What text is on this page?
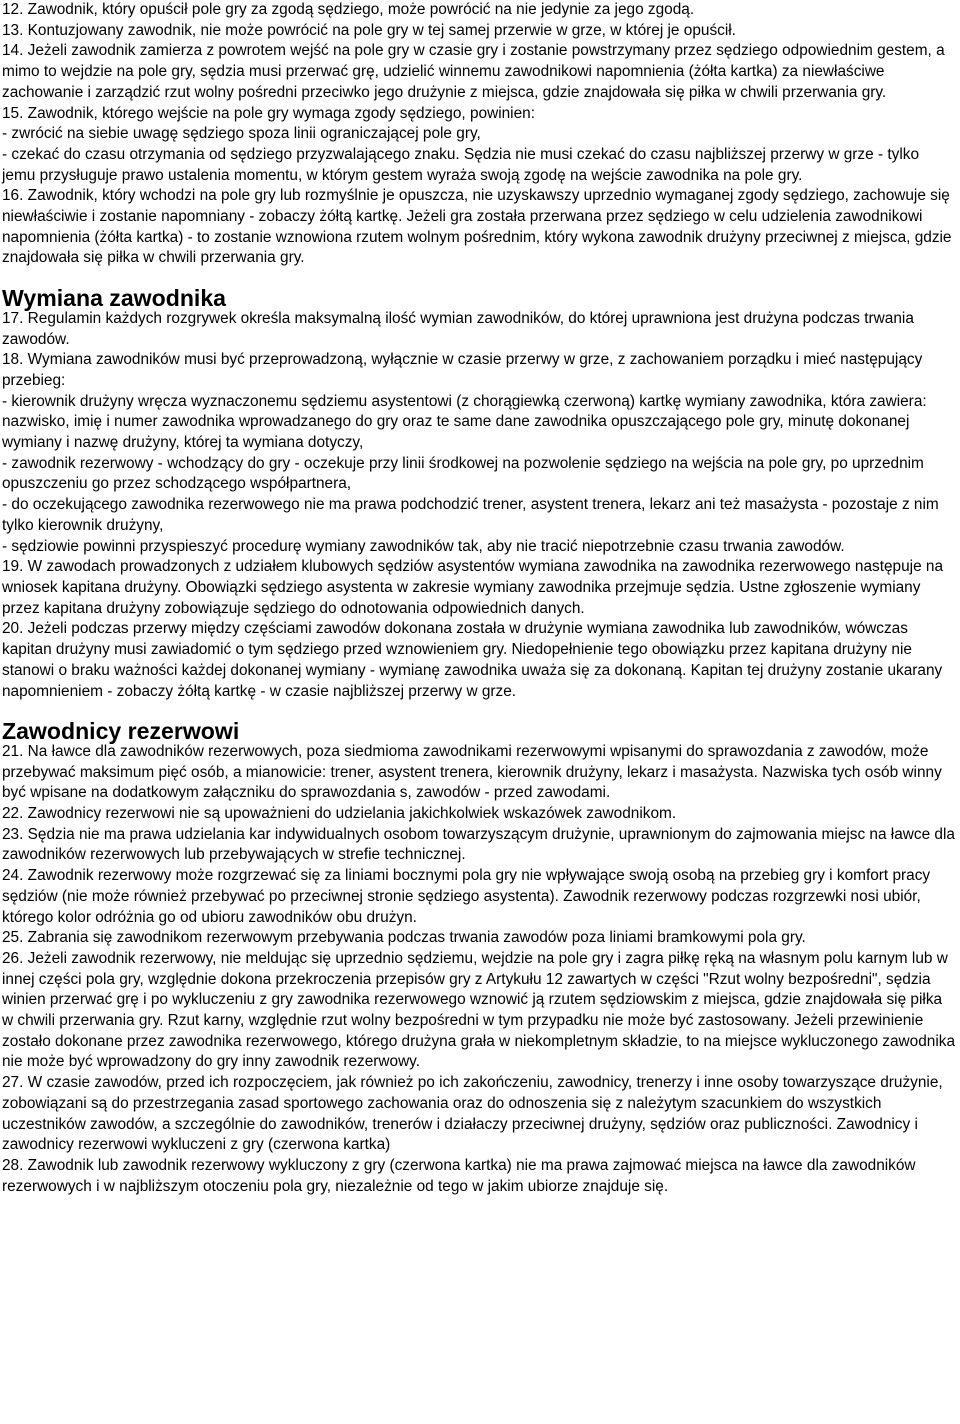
12. Zawodnik, który opuścił pole gry za zgodą sędziego, może powrócić na nie jedynie za jego zgodą.

13. Kontuzjowany zawodnik, nie może powrócić na pole gry w tej samej przerwie w grze, w której je opuścił.

14. Jeżeli zawodnik zamierza z powrotem wejść na pole gry w czasie gry i zostanie powstrzymany przez sędziego odpowiednim gestem, a mimo to wejdzie na pole gry, sędzia musi przerwać grę, udzielić winnemu zawodnikowi napomnienia (żółta kartka) za niewłaściwe zachowanie i zarządzić rzut wolny pośredni przeciwko jego drużynie z miejsca, gdzie znajdowała się piłka w chwili przerwania gry.

15. Zawodnik, którego wejście na pole gry wymaga zgody sędziego, powinien:

- zwrócić na siebie uwagę sędziego spoza linii ograniczającej pole gry,

- czekać do czasu otrzymania od sędziego przyzwalającego znaku. Sędzia nie musi czekać do czasu najbliższej przerwy w grze - tylko jemu przysługuje prawo ustalenia momentu, w którym gestem wyraża swoją zgodę na wejście zawodnika na pole gry.

16. Zawodnik, który wchodzi na pole gry lub rozmyślnie je opuszcza, nie uzyskawszy uprzednio wymaganej zgody sędziego, zachowuje się niewłaściwie i zostanie napomniany - zobaczy żółtą kartkę. Jeżeli gra została przerwana przez sędziego w celu udzielenia zawodnikowi napomnienia (żółta kartka) - to zostanie wznowiona rzutem wolnym pośrednim, który wykona zawodnik drużyny przeciwnej z miejsca, gdzie znajdowała się piłka w chwili przerwania gry.

Wymiana zawodnika

17. Regulamin każdych rozgrywek określa maksymalną ilość wymian zawodników, do której uprawniona jest drużyna podczas trwania zawodów.

18. Wymiana zawodników musi być przeprowadzoną, wyłącznie w czasie przerwy w grze, z zachowaniem porządku i mieć następujący przebieg:

- kierownik drużyny wręcza wyznaczonemu sędziemu asystentowi (z chorągiewką czerwoną) kartkę wymiany zawodnika, która zawiera: nazwisko, imię i numer zawodnika wprowadzanego do gry oraz te same dane zawodnika opuszczającego pole gry, minutę dokonanej wymiany i nazwę drużyny, której ta wymiana dotyczy,

- zawodnik rezerwowy - wchodzący do gry - oczekuje przy linii środkowej na pozwolenie sędziego na wejścia na pole gry, po uprzednim opuszczeniu go przez schodzącego współpartnera,

- do oczekującego zawodnika rezerwowego nie ma prawa podchodzić trener, asystent trenera, lekarz ani też masażysta - pozostaje z nim tylko kierownik drużyny,

- sędziowie powinni przyspieszyć procedurę wymiany zawodników tak, aby nie tracić niepotrzebnie czasu trwania zawodów.

19. W zawodach prowadzonych z udziałem klubowych sędziów asystentów wymiana zawodnika na zawodnika rezerwowego następuje na wniosek kapitana drużyny. Obowiązki sędziego asystenta w zakresie wymiany zawodnika przejmuje sędzia. Ustne zgłoszenie wymiany przez kapitana drużyny zobowiązuje sędziego do odnotowania odpowiednich danych.

20. Jeżeli podczas przerwy między częściami zawodów dokonana została w drużynie wymiana zawodnika lub zawodników, wówczas kapitan drużyny musi zawiadomić o tym sędziego przed wznowieniem gry. Niedopełnienie tego obowiązku przez kapitana drużyny nie stanowi o braku ważności każdej dokonanej wymiany - wymianę zawodnika uważa się za dokonaną. Kapitan tej drużyny zostanie ukarany napomnieniem - zobaczy żółtą kartkę - w czasie najbliższej przerwy w grze.

Zawodnicy rezerwowi

21. Na ławce dla zawodników rezerwowych, poza siedmioma zawodnikami rezerwowymi wpisanymi do sprawozdania z zawodów, może przebywać maksimum pięć osób, a mianowicie: trener, asystent trenera, kierownik drużyny, lekarz i masażysta. Nazwiska tych osób winny być wpisane na dodatkowym załączniku do sprawozdania s, zawodów - przed zawodami.

22. Zawodnicy rezerwowi nie są upoważnieni do udzielania jakichkolwiek wskazówek zawodnikom.

23. Sędzia nie ma prawa udzielania kar indywidualnych osobom towarzyszącym drużynie, uprawnionym do zajmowania miejsc na ławce dla zawodników rezerwowych lub przebywających w strefie technicznej.

24. Zawodnik rezerwowy może rozgrzewać się za liniami bocznymi pola gry nie wpływające swoją osobą na przebieg gry i komfort pracy sędziów (nie może również przebywać po przeciwnej stronie sędziego asystenta). Zawodnik rezerwowy podczas rozgrzewki nosi ubiór, którego kolor odróżnia go od ubioru zawodników obu drużyn.

25. Zabrania się zawodnikom rezerwowym przebywania podczas trwania zawodów poza liniami bramkowymi pola gry.

26. Jeżeli zawodnik rezerwowy, nie meldując się uprzednio sędziemu, wejdzie na pole gry i zagra piłkę ręką na własnym polu karnym lub w innej części pola gry, względnie dokona przekroczenia przepisów gry z Artykułu 12 zawartych w części "Rzut wolny bezpośredni", sędzia winien przerwać grę i po wykluczeniu z gry zawodnika rezerwowego wznowić ją rzutem sędziowskim z miejsca, gdzie znajdowała się piłka w chwili przerwania gry. Rzut karny, względnie rzut wolny bezpośredni w tym przypadku nie może być zastosowany. Jeżeli przewinienie zostało dokonane przez zawodnika rezerwowego, którego drużyna grała w niekompletnym składzie, to na miejsce wykluczonego zawodnika nie może być wprowadzony do gry inny zawodnik rezerwowy.

27. W czasie zawodów, przed ich rozpoczęciem, jak również po ich zakończeniu, zawodnicy, trenerzy i inne osoby towarzyszące drużynie, zobowiązani są do przestrzegania zasad sportowego zachowania oraz do odnoszenia się z należytym szacunkiem do wszystkich uczestników zawodów, a szczególnie do zawodników, trenerów i działaczy przeciwnej drużyny, sędziów oraz publiczności. Zawodnicy i zawodnicy rezerwowi wykluczeni z gry (czerwona kartka)

28. Zawodnik lub zawodnik rezerwowy wykluczony z gry (czerwona kartka) nie ma prawa zajmować miejsca na ławce dla zawodników rezerwowych i w najbliższym otoczeniu pola gry, niezależnie od tego w jakim ubiorze znajduje się.
